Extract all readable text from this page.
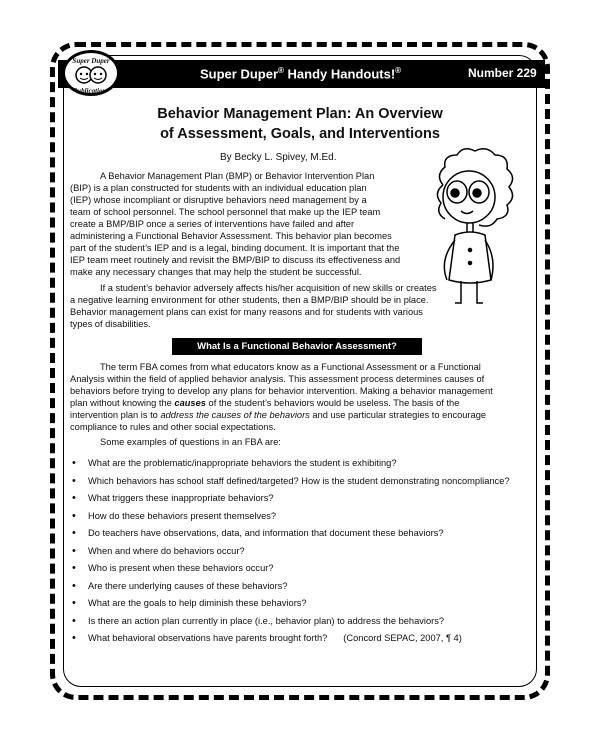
Super Duper

Publications
Super Duper® Handy Handouts!®	Number 229
Behavior Management Plan: An Overview
of Assessment, Goals, and Interventions
By Becky L. Spivey, M.Ed.
A Behavior Management Plan (BMP) or Behavior Intervention Plan
(BIP) is a plan constructed for students with an individual education plan
(IEP) whose incompliant or disruptive behaviors need management by a
team of school personnel. The school personnel that make up the IEP team
create a BMP/BIP once a series of interventions have failed and after
administering a Functional Behavior Assessment. This behavior plan becomes
part of the student’s IEP and is a legal, binding document. It is important that the
IEP team meet routinely and revisit the BMP/BIP to discuss its effectiveness and
make any necessary changes that may help the student be successful.
If a student’s behavior adversely affects his/her acquisition of new skills or creates
a negative learning environment for other students, then a BMP/BIP should be in place.
Behavior management plans can exist for many reasons and for students with various
types of disabilities.
What Is a Functional Behavior Assessment?
The term FBA comes from what educators know as a Functional Assessment or a Functional
Analysis within the field of applied behavior analysis. This assessment process determines causes of
behaviors before trying to develop any plans for behavior intervention. Making a behavior management
plan without knowing the causes of the student’s behaviors would be useless. The basis of the
intervention plan is to address the causes of the behaviors and use particular strategies to encourage
compliance to rules and other social expectations.
Some examples of questions in an FBA are:
• What are the problematic/inappropriate behaviors the student is exhibiting?
• Which behaviors has school staff defined/targeted? How is the student demonstrating noncompliance?
• What triggers these inappropriate behaviors?
• How do these behaviors present themselves?
• Do teachers have observations, data, and information that document these behaviors?
• When and where do behaviors occur?
• Who is present when these behaviors occur?
• Are there underlying causes of these behaviors?
• What are the goals to help diminish these behaviors?
• Is there an action plan currently in place (i.e., behavior plan) to address the behaviors?
• What behavioral observations have parents brought forth? (Concord SEPAC, 2007, ¶ 4)
